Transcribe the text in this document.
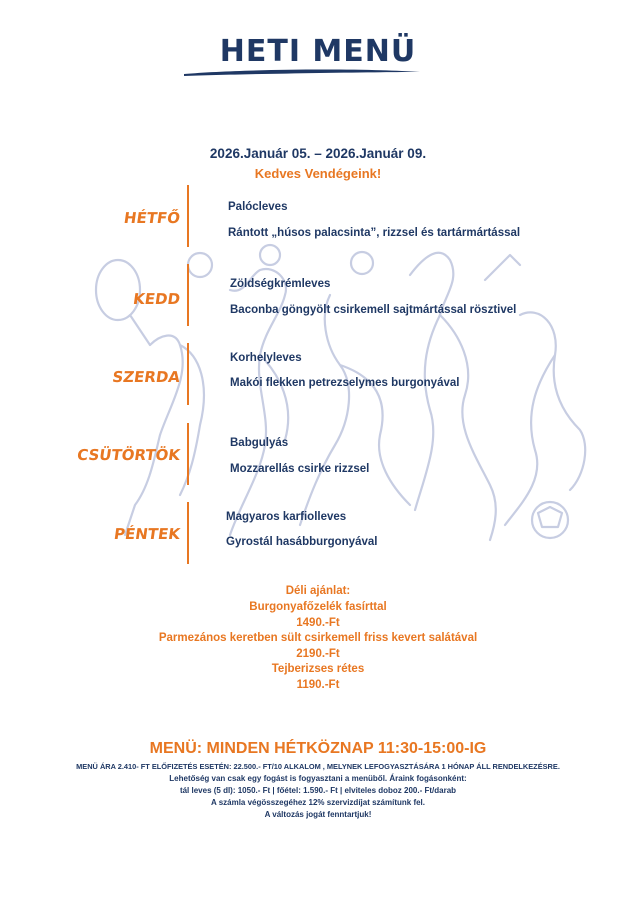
HETI MENÜ
2026.Január 05. – 2026.Január 09.
Kedves Vendégeink!
HÉTFŐ
Palócleves
Rántott „húsos palacsinta”, rizzsel és tartármártással
KEDD
Zöldségkrémleves
Baconba göngyölt csirkemell sajtmártással rösztivel
SZERDA
Korhelyleves
Makói flekken petrezselymes burgonyával
CSÜTÖRTÖK
Babgulyás
Mozzarellás csirke rizzsel
PÉNTEK
Magyaros karfiolleves
Gyrostál hasábburgonyával
Déli ajánlat:
Burgonyafőzelék fasírttal
1490.-Ft
Parmezános keretben sült csirkemell friss kevert salátával
2190.-Ft
Tejberizses rétes
1190.-Ft
MENÜ: MINDEN HÉTKÖZNAP 11:30-15:00-IG
MENÜ ÁRA 2.410- FT ELŐFIZETÉS ESETÉN: 22.500.- FT/10 ALKALOM , MELYNEK LEFOGYASZTÁSÁRA 1 HÓNAP ÁLL RENDELKEZÉSRE.
Lehetőség van csak egy fogást is fogyasztani a menüből. Áraink fogásonként:
tál leves (5 dl): 1050.- Ft | főétel: 1.590.- Ft | elviteles doboz 200.- Ft/darab
A számla végösszegéhez 12% szervizdíjat számítunk fel.
A változás jogát fenntartjuk!
